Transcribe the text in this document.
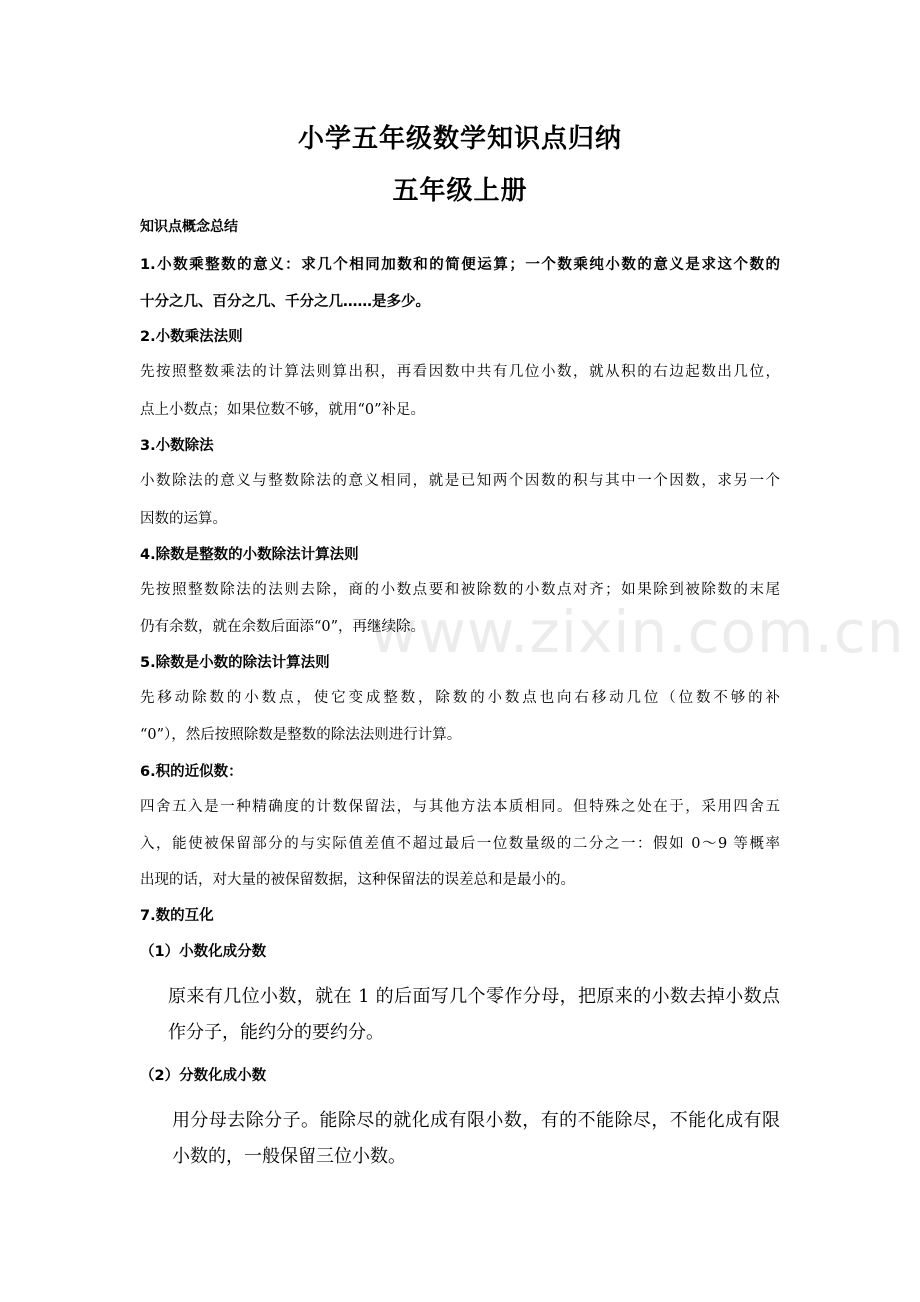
www.zixin.com.cn
小学五年级数学知识点归纳
五年级上册
知识点概念总结
1.小数乘整数的意义：求几个相同加数和的简便运算；一个数乘纯小数的意义是求这个数的
十分之几、百分之几、千分之几……是多少。
2.小数乘法法则
先按照整数乘法的计算法则算出积，再看因数中共有几位小数，就从积的右边起数出几位，
点上小数点；如果位数不够，就用“0”补足。
3.小数除法
小数除法的意义与整数除法的意义相同，就是已知两个因数的积与其中一个因数，求另一个
因数的运算。
4.除数是整数的小数除法计算法则
先按照整数除法的法则去除，商的小数点要和被除数的小数点对齐；如果除到被除数的末尾
仍有余数，就在余数后面添“0”，再继续除。
5.除数是小数的除法计算法则
先移动除数的小数点，使它变成整数，除数的小数点也向右移动几位（位数不够的补
“0”），然后按照除数是整数的除法法则进行计算。
6.积的近似数：
四舍五入是一种精确度的计数保留法，与其他方法本质相同。但特殊之处在于，采用四舍五
入，能使被保留部分的与实际值差值不超过最后一位数量级的二分之一：假如 0～9 等概率
出现的话，对大量的被保留数据，这种保留法的误差总和是最小的。
7.数的互化
（1）小数化成分数
原来有几位小数，就在 1 的后面写几个零作分母，把原来的小数去掉小数点
作分子，能约分的要约分。
（2）分数化成小数
用分母去除分子。能除尽的就化成有限小数，有的不能除尽，不能化成有限
小数的，一般保留三位小数。
